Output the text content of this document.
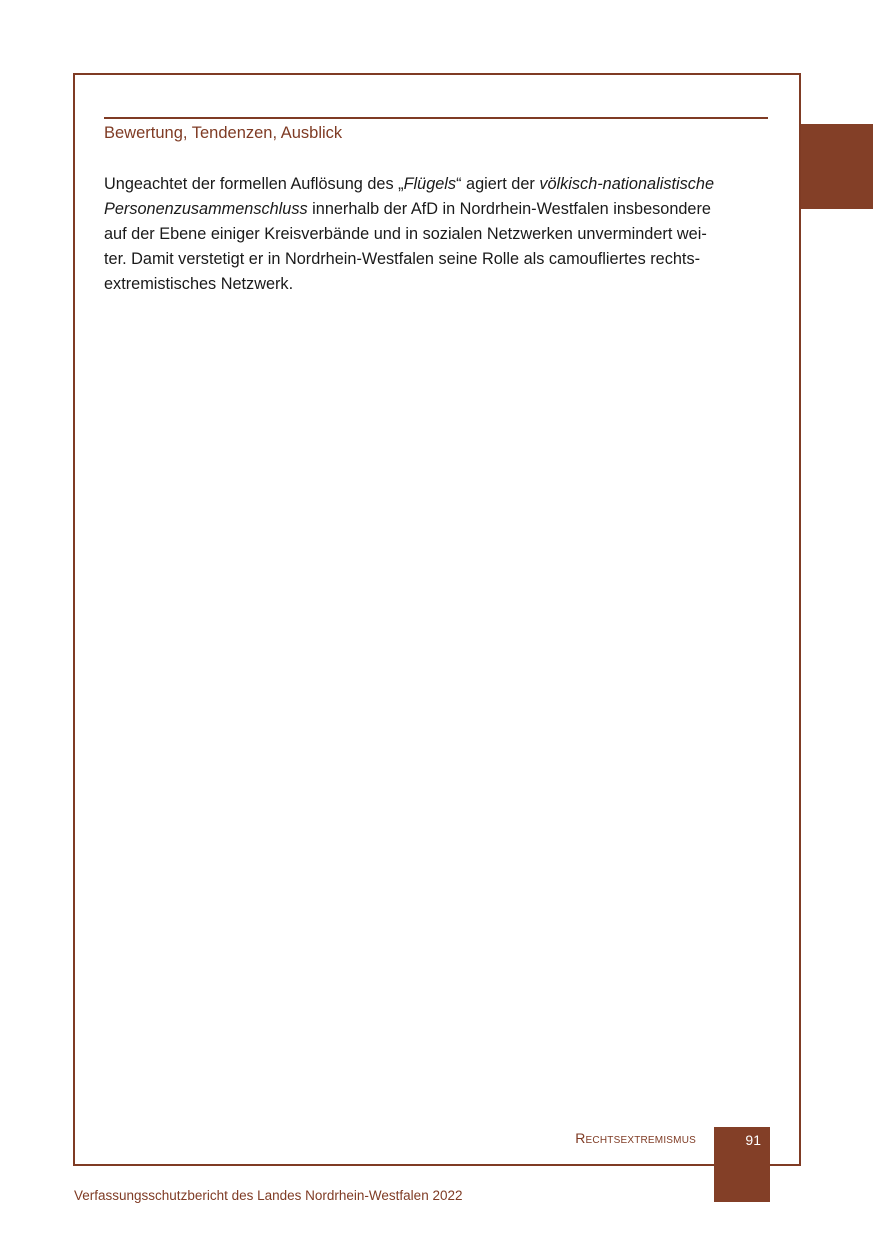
Bewertung, Tendenzen, Ausblick

Ungeachtet der formellen Auflösung des „Flügels“ agiert der völkisch-nationalistische
Personenzusammenschluss innerhalb der AfD in Nordrhein-Westfalen insbesondere
auf der Ebene einiger Kreisverbände und in sozialen Netzwerken unvermindert wei-
ter. Damit verstetigt er in Nordrhein-Westfalen seine Rolle als camoufliertes rechts-
extremistisches Netzwerk.

Rechtsextremismus	91
Verfassungsschutzbericht des Landes Nordrhein-Westfalen 2022
